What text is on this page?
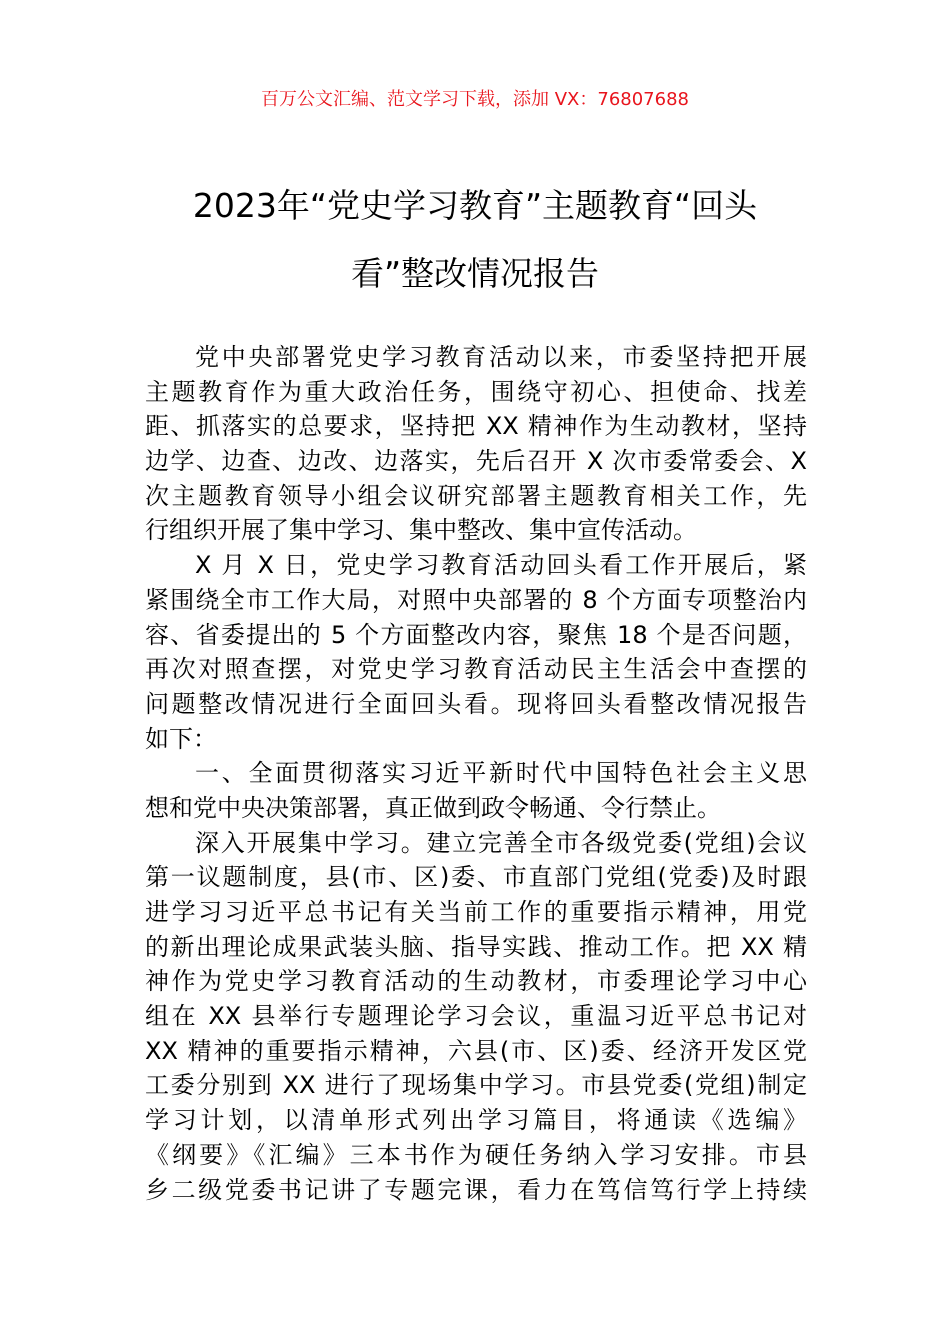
百万公文汇编、范文学习下载，添加 VX：76807688
2023年“党史学习教育”主题教育“回头
看”整改情况报告
党中央部署党史学习教育活动以来，市委坚持把开展
主题教育作为重大政治任务，围绕守初心、担使命、找差
距、抓落实的总要求，坚持把 XX 精神作为生动教材，坚持
边学、边查、边改、边落实，先后召开 X 次市委常委会、X
次主题教育领导小组会议研究部署主题教育相关工作，先
行组织开展了集中学习、集中整改、集中宣传活动。
X 月 X 日，党史学习教育活动回头看工作开展后，紧
紧围绕全市工作大局，对照中央部署的 8 个方面专项整治内
容、省委提出的 5 个方面整改内容，聚焦 18 个是否问题，
再次对照查摆，对党史学习教育活动民主生活会中查摆的
问题整改情况进行全面回头看。现将回头看整改情况报告
如下：
一、全面贯彻落实习近平新时代中国特色社会主义思
想和党中央决策部署，真正做到政令畅通、令行禁止。
深入开展集中学习。建立完善全市各级党委(党组)会议
第一议题制度，县(市、区)委、市直部门党组(党委)及时跟
进学习习近平总书记有关当前工作的重要指示精神，用党
的新出理论成果武装头脑、指导实践、推动工作。把 XX 精
神作为党史学习教育活动的生动教材，市委理论学习中心
组在 XX 县举行专题理论学习会议，重温习近平总书记对
XX 精神的重要指示精神，六县(市、区)委、经济开发区党
工委分别到 XX 进行了现场集中学习。市县党委(党组)制定
学习计划，以清单形式列出学习篇目，将通读《选编》
《纲要》《汇编》三本书作为硬任务纳入学习安排。市县
乡二级党委书记讲了专题完课，看力在笃信笃行学上持续
